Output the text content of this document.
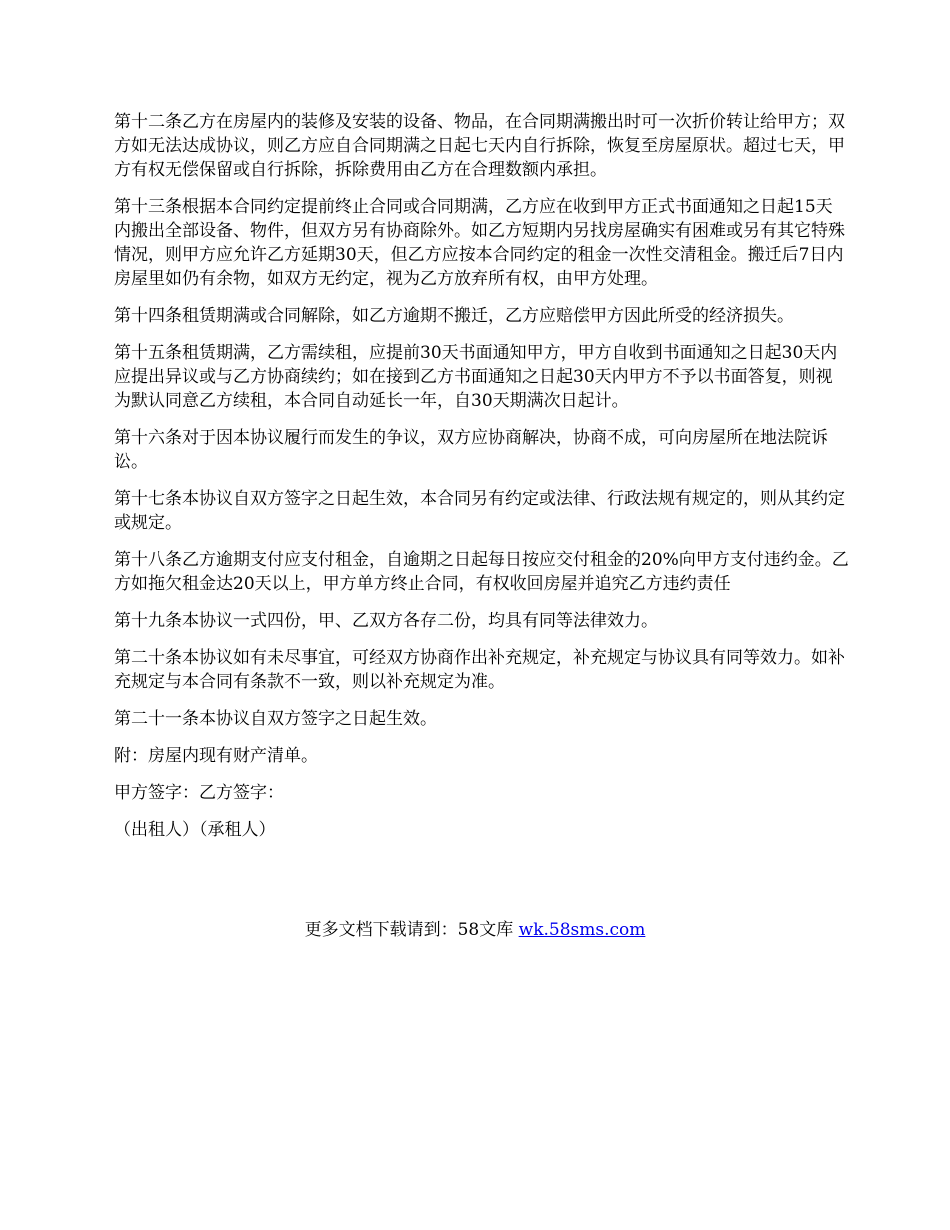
第十二条乙方在房屋内的装修及安装的设备、物品，在合同期满搬出时可一次折价转让给甲方；双方如无法达成协议，则乙方应自合同期满之日起七天内自行拆除，恢复至房屋原状。超过七天，甲方有权无偿保留或自行拆除，拆除费用由乙方在合理数额内承担。

第十三条根据本合同约定提前终止合同或合同期满，乙方应在收到甲方正式书面通知之日起15天内搬出全部设备、物件，但双方另有协商除外。如乙方短期内另找房屋确实有困难或另有其它特殊情况，则甲方应允许乙方延期30天，但乙方应按本合同约定的租金一次性交清租金。搬迁后7日内房屋里如仍有余物，如双方无约定，视为乙方放弃所有权，由甲方处理。

第十四条租赁期满或合同解除，如乙方逾期不搬迁，乙方应赔偿甲方因此所受的经济损失。

第十五条租赁期满，乙方需续租，应提前30天书面通知甲方，甲方自收到书面通知之日起30天内应提出异议或与乙方协商续约；如在接到乙方书面通知之日起30天内甲方不予以书面答复，则视为默认同意乙方续租，本合同自动延长一年，自30天期满次日起计。

第十六条对于因本协议履行而发生的争议，双方应协商解决，协商不成，可向房屋所在地法院诉讼。

第十七条本协议自双方签字之日起生效，本合同另有约定或法律、行政法规有规定的，则从其约定或规定。

第十八条乙方逾期支付应支付租金，自逾期之日起每日按应交付租金的20%向甲方支付违约金。乙方如拖欠租金达20天以上，甲方单方终止合同，有权收回房屋并追究乙方违约责任

第十九条本协议一式四份，甲、乙双方各存二份，均具有同等法律效力。

第二十条本协议如有未尽事宜，可经双方协商作出补充规定，补充规定与协议具有同等效力。如补充规定与本合同有条款不一致，则以补充规定为准。

第二十一条本协议自双方签字之日起生效。

附：房屋内现有财产清单。

甲方签字：乙方签字：

（出租人）（承租人）

更多文档下载请到：58文库 wk.58sms.com
